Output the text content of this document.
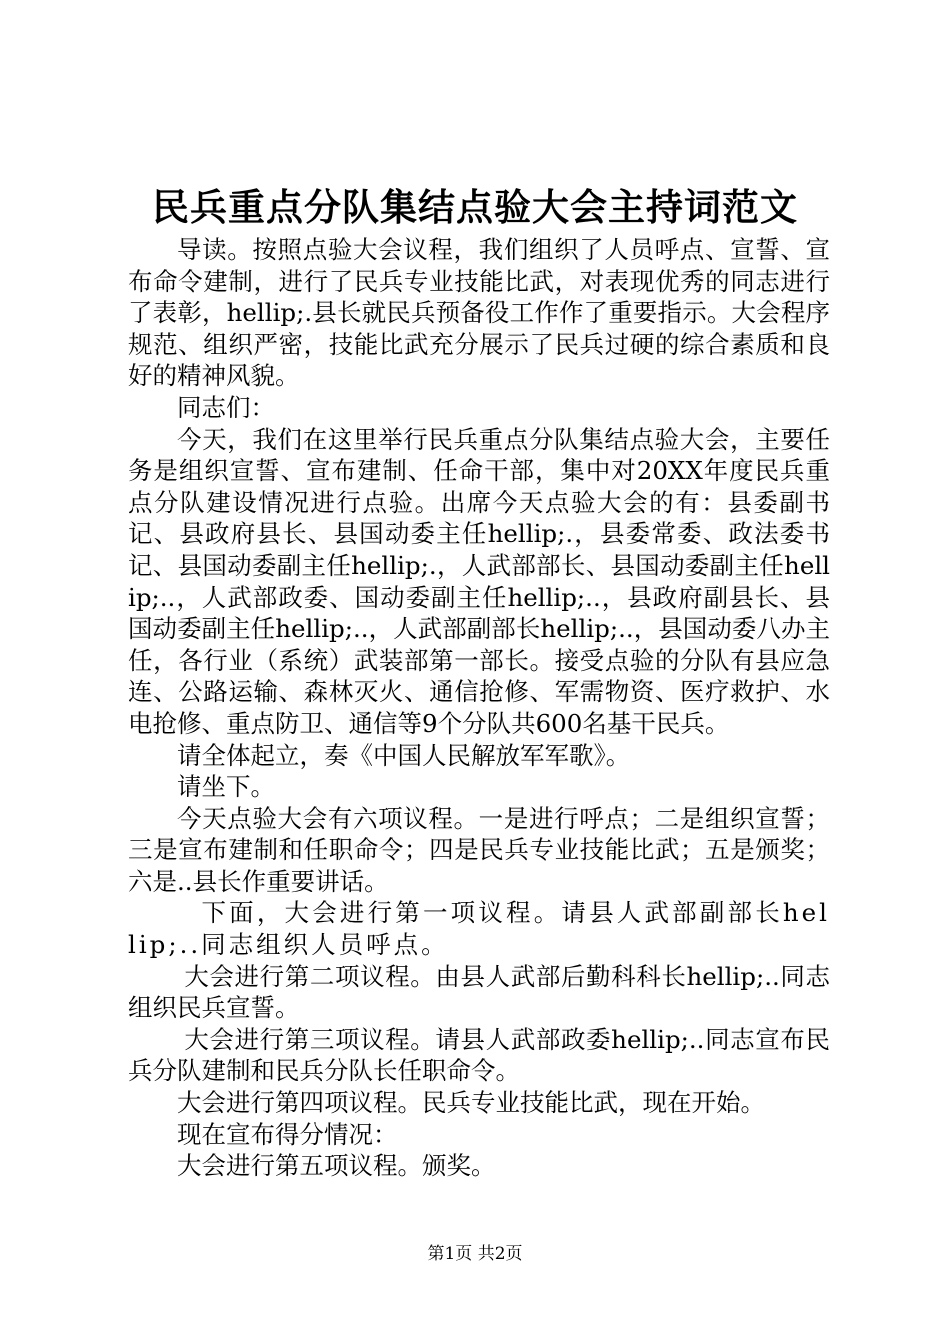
民兵重点分队集结点验大会主持词范文

导读。按照点验大会议程，我们组织了人员呼点、宣誓、宣布命令建制，进行了民兵专业技能比武，对表现优秀的同志进行了表彰，hellip;.县长就民兵预备役工作作了重要指示。大会程序规范、组织严密，技能比武充分展示了民兵过硬的综合素质和良好的精神风貌。

同志们：

今天，我们在这里举行民兵重点分队集结点验大会，主要任务是组织宣誓、宣布建制、任命干部，集中对20XX年度民兵重点分队建设情况进行点验。出席今天点验大会的有：县委副书记、县政府县长、县国动委主任hellip;.，县委常委、政法委书记、县国动委副主任hellip;.，人武部部长、县国动委副主任hellip;..，人武部政委、国动委副主任hellip;..，县政府副县长、县国动委副主任hellip;..，人武部副部长hellip;..，县国动委八办主任，各行业（系统）武装部第一部长。接受点验的分队有县应急连、公路运输、森林灭火、通信抢修、军需物资、医疗救护、水电抢修、重点防卫、通信等9个分队共600名基干民兵。

请全体起立，奏《中国人民解放军军歌》。

请坐下。

今天点验大会有六项议程。一是进行呼点；二是组织宣誓；三是宣布建制和任职命令；四是民兵专业技能比武；五是颁奖；六是..县长作重要讲话。

下面，大会进行第一项议程。请县人武部副部长hellip;..同志组织人员呼点。

大会进行第二项议程。由县人武部后勤科科长hellip;..同志组织民兵宣誓。

大会进行第三项议程。请县人武部政委hellip;..同志宣布民兵分队建制和民兵分队长任职命令。

大会进行第四项议程。民兵专业技能比武，现在开始。

现在宣布得分情况：

大会进行第五项议程。颁奖。

第1页 共2页
